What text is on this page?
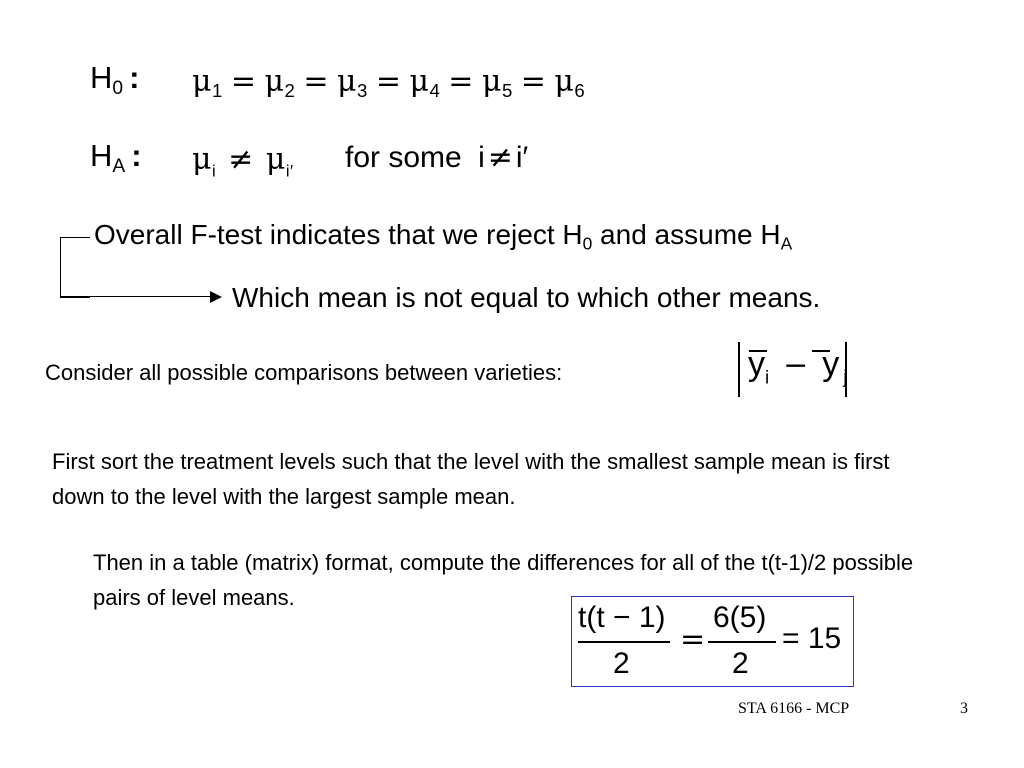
$H_0$ :	$\mu_1 = \mu_2 = \mu_3 = \mu_4 = \mu_5 = \mu_6$
$H_A$ :	$\mu_i \ne \mu_{i'}$ for some i ≠ i′
Overall F-test indicates that we reject $H_0$ and assume $H_A$
Which mean is not equal to which other means.
Consider all possible comparisons between varieties:	$y_i - y$ $_j$
First sort the treatment levels such that the level with the smallest sample mean is first down to the level with the largest sample mean.
Then in a table (matrix) format, compute the differences for all of the t(t-1)/2 possible pairs of level means.
t(t − 1)
2
=
6(5)
2
= 15
STA 6166 - MCP	3
